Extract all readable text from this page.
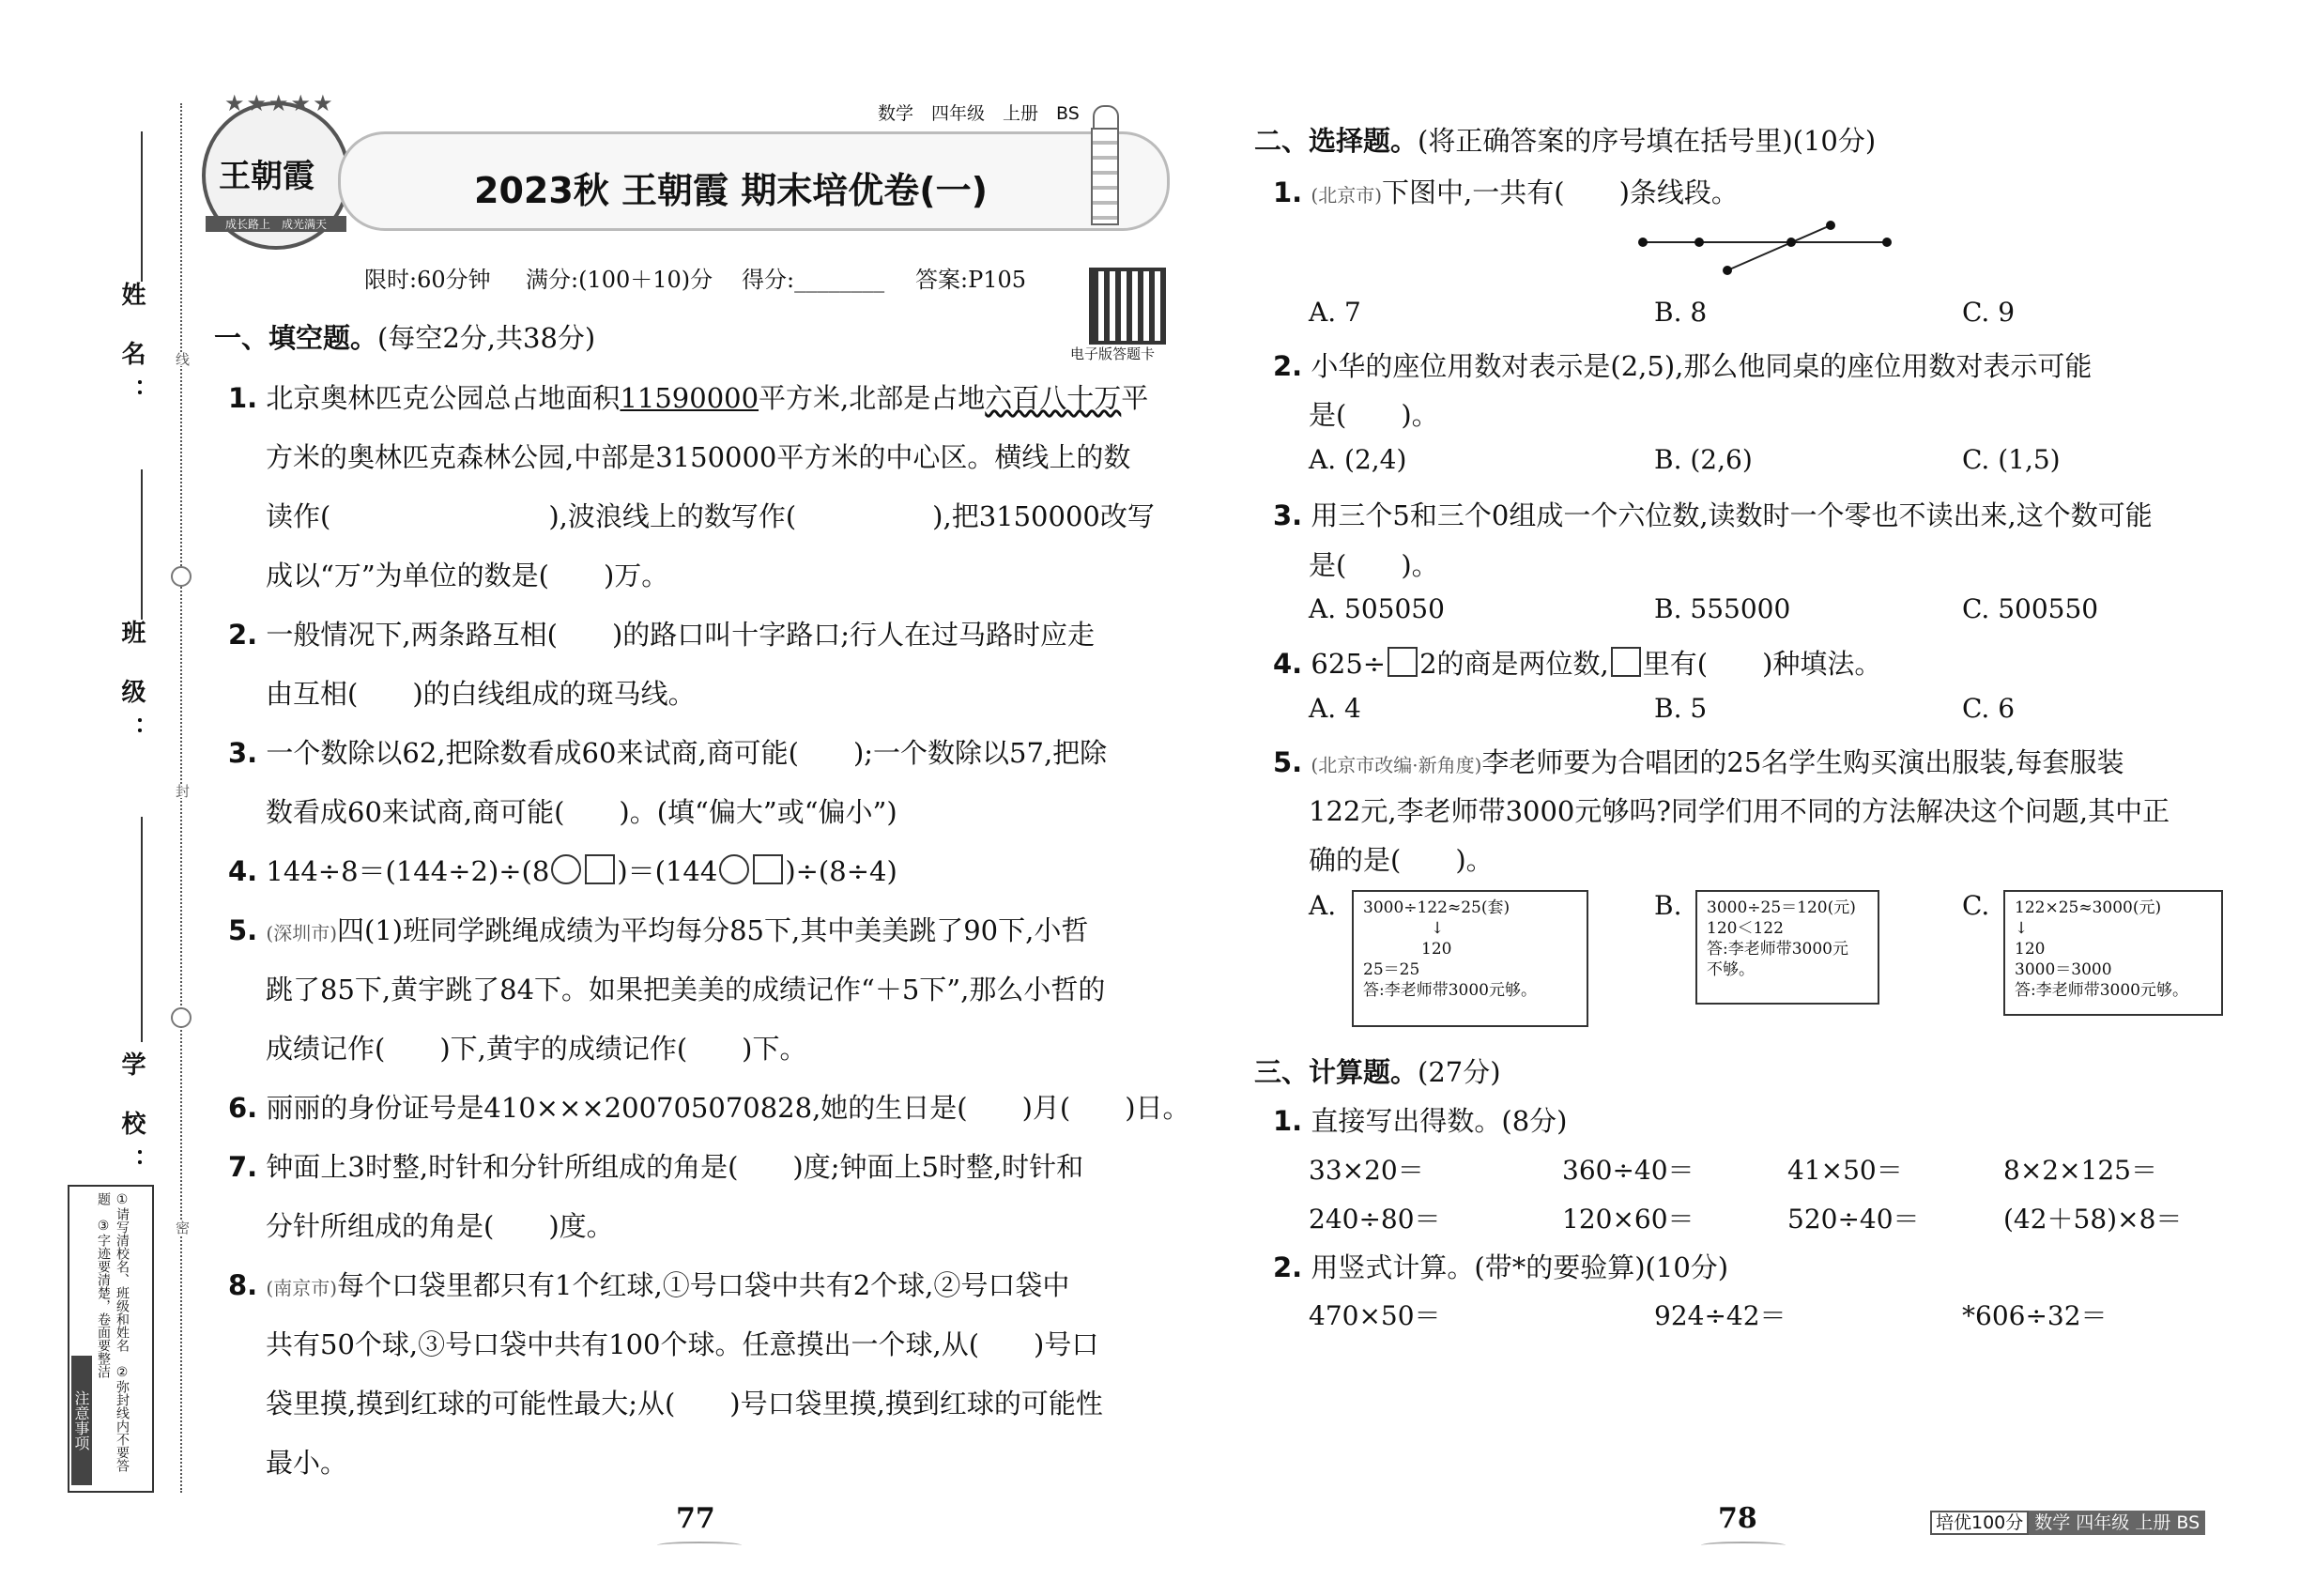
姓 名：
班 级：
学 校：
线
封
密
注意事项	①请写清校名、班级和姓名　②弥封线内不要答题　③字迹要清楚，卷面要整洁
★★★★★
王朝霞
成长路上　成光满天
数学　四年级　上册　BS
2023秋 王朝霞 期末培优卷(一)
限时:60分钟 满分:(100＋10)分 得分:________ 答案:P105
电子版答题卡
一、填空题。(每空2分,共38分)
1. 北京奥林匹克公园总占地面积11590000平方米,北部是占地六百八十万平
方米的奥林匹克森林公园,中部是3150000平方米的中心区。横线上的数
读作(　　　　　　　　),波浪线上的数写作(　　　　　),把3150000改写
成以“万”为单位的数是(　　)万。
2. 一般情况下,两条路互相(　　)的路口叫十字路口;行人在过马路时应走
由互相(　　)的白线组成的斑马线。
3. 一个数除以62,把除数看成60来试商,商可能(　　);一个数除以57,把除
数看成60来试商,商可能(　　)。(填“偏大”或“偏小”)
4. 144÷8＝(144÷2)÷(8 )＝(144 )÷(8÷4)
5. (深圳市)四(1)班同学跳绳成绩为平均每分85下,其中美美跳了90下,小哲
跳了85下,黄宇跳了84下。如果把美美的成绩记作“＋5下”,那么小哲的
成绩记作(　　)下,黄宇的成绩记作(　　)下。
6. 丽丽的身份证号是410×××200705070828,她的生日是(　　)月(　　)日。
7. 钟面上3时整,时针和分针所组成的角是(　　)度;钟面上5时整,时针和
分针所组成的角是(　　)度。
8. (南京市)每个口袋里都只有1个红球,①号口袋中共有2个球,②号口袋中
共有50个球,③号口袋中共有100个球。任意摸出一个球,从(　　)号口
袋里摸,摸到红球的可能性最大;从(　　)号口袋里摸,摸到红球的可能性
最小。
二、选择题。(将正确答案的序号填在括号里)(10分)
1. (北京市)下图中,一共有(　　)条线段。
A. 7	B. 8	C. 9
2. 小华的座位用数对表示是(2,5),那么他同桌的座位用数对表示可能
是(　　)。
A. (2,4)	B. (2,6)	C. (1,5)
3. 用三个5和三个0组成一个六位数,读数时一个零也不读出来,这个数可能
是(　　)。
A. 505050	B. 555000	C. 500550
4. 625÷ 2的商是两位数, 里有(　　)种填法。
A. 4	B. 5	C. 6
5. (北京市改编·新角度)李老师要为合唱团的25名学生购买演出服装,每套服装
122元,李老师带3000元够吗?同学们用不同的方法解决这个问题,其中正
确的是(　　)。
A. 3000÷122≈25(套)
↓
120
25＝25
答:李老师带3000元够。
B. 3000÷25＝120(元)
120＜122
答:李老师带3000元
不够。
C. 122×25≈3000(元)
↓
120
3000＝3000
答:李老师带3000元够。
三、计算题。(27分)
1. 直接写出得数。(8分)
33×20＝	360÷40＝	41×50＝	8×2×125＝
240÷80＝	120×60＝	520÷40＝	(42＋58)×8＝
2. 用竖式计算。(带*的要验算)(10分)
470×50＝	924÷42＝	*606÷32＝
77	78	培优100分 数学 四年级 上册 BS
